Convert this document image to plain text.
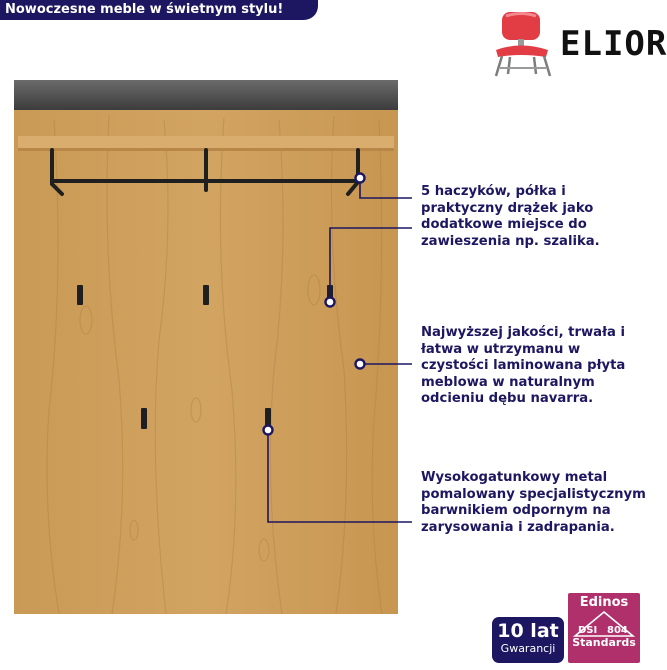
Nowoczesne meble w świetnym stylu!
ELIOR

5 haczyków, półka i praktyczny drążek jako dodatkowe miejsce do zawieszenia np. szalika.

Najwyższej jakości, trwała i łatwa w utrzymanu w czystości laminowana płyta meblowa w naturalnym odcieniu dębu navarra.

Wysokogatunkowy metal pomalowany specjalistycznym barwnikiem odpornym na zarysowania i zadrapania.

10 lat
Gwarancji
Edinos
DSI 804
Standards
